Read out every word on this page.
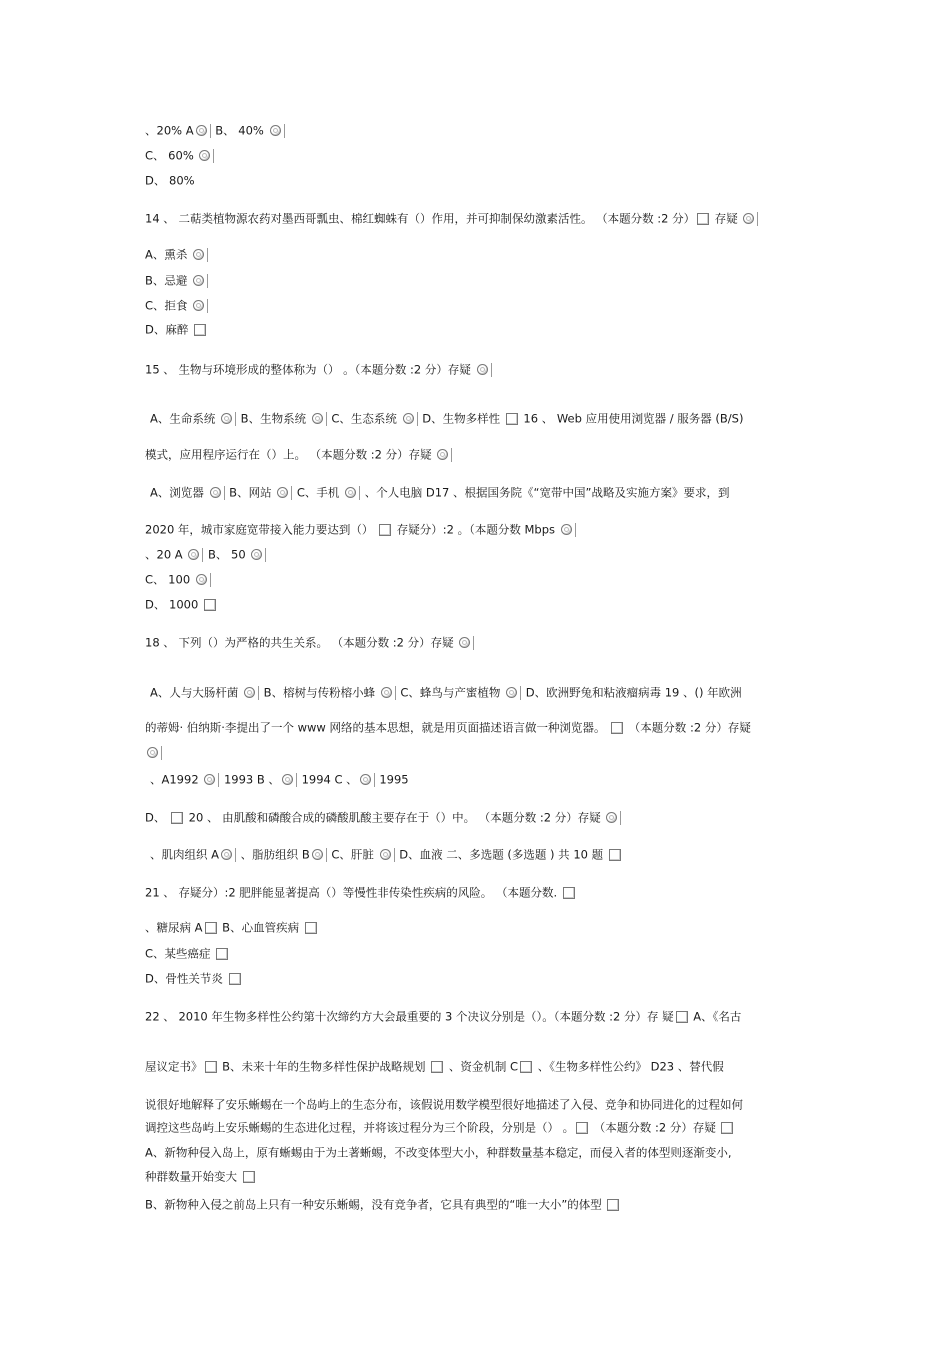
、20% A B、 40%
C、 60%
D、 80%
14 、 二萜类植物源农药对墨西哥瓢虫、棉红蜘蛛有（）作用，并可抑制保幼激素活性。 （本题分数 :2 分） 存疑
A、熏杀
B、忌避
C、拒食
D、麻醉
15 、 生物与环境形成的整体称为（） 。（本题分数 :2 分）存疑
A、生命系统  B、生物系统  C、生态系统  D、生物多样性  16 、 Web 应用使用浏览器 / 服务器 (B/S)
模式，应用程序运行在（）上。 （本题分数 :2 分）存疑
A、浏览器  B、网站  C、手机  、个人电脑 D17 、根据国务院《“宽带中国”战略及实施方案》要求，到
2020 年，城市家庭宽带接入能力要达到（）  存疑分）:2 。（本题分数 Mbps
、20 A  B、 50
C、 100
D、 1000
18 、 下列（）为严格的共生关系。 （本题分数 :2 分）存疑
A、人与大肠杆菌  B、榕树与传粉榕小蜂  C、蜂鸟与产蜜植物  D、欧洲野兔和粘液瘤病毒 19 、() 年欧洲
的蒂姆· 伯纳斯·李提出了一个 www 网络的基本思想，就是用页面描述语言做一种浏览器。  （本题分数 :2 分）存疑
、A1992  1993 B 、 1994 C 、 1995
D、  20 、 由肌酸和磷酸合成的磷酸肌酸主要存在于（）中。 （本题分数 :2 分）存疑
、肌肉组织 A 、脂肪组织 B C、肝脏  D、血液 二、多选题 (多选题 ) 共 10 题
21 、 存疑分）:2 肥胖能显著提高（）等慢性非传染性疾病的风险。 （本题分数.
、糖尿病 A B、心血管疾病
C、某些癌症
D、骨性关节炎
22 、 2010 年生物多样性公约第十次缔约方大会最重要的 3 个决议分别是（）。（本题分数 :2 分）存 疑 A、《名古
屋议定书》 B、未来十年的生物多样性保护战略规划  、资金机制 C 、《生物多样性公约》 D23 、替代假
说很好地解释了安乐蜥蜴在一个岛屿上的生态分布，该假说用数学模型很好地描述了入侵、竞争和协同进化的过程如何
调控这些岛屿上安乐蜥蜴的生态进化过程，并将该过程分为三个阶段，分别是（） 。 （本题分数 :2 分）存疑
A、新物种侵入岛上，原有蜥蜴由于为土著蜥蜴，不改变体型大小，种群数量基本稳定，而侵入者的体型则逐渐变小,
种群数量开始变大
B、新物种入侵之前岛上只有一种安乐蜥蜴，没有竞争者，它具有典型的“唯一大小”的体型
